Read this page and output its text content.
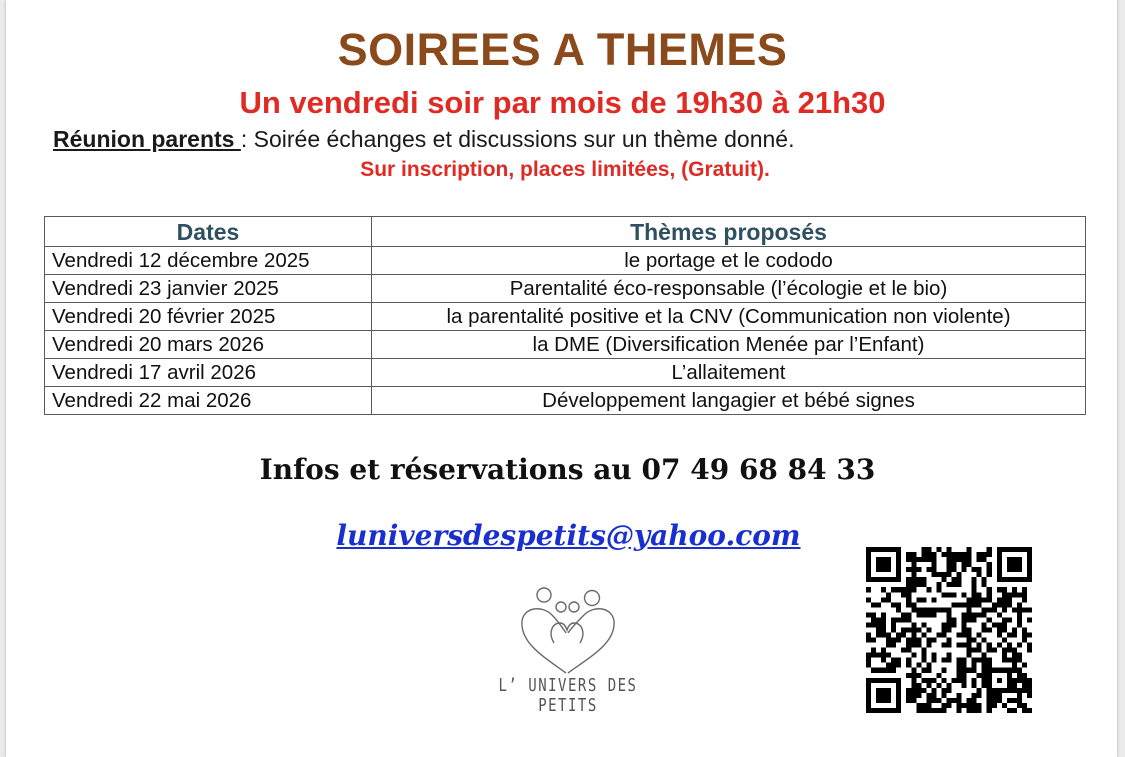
SOIREES A THEMES
Un vendredi soir par mois de 19h30 à 21h30
Réunion parents : Soirée échanges et discussions sur un thème donné.
Sur inscription, places limitées, (Gratuit).
Dates	Thèmes proposés
Vendredi 12 décembre 2025	le portage et le cododo
Vendredi 23 janvier 2025	Parentalité éco-responsable (l’écologie et le bio)
Vendredi 20 février 2025	la parentalité positive et la CNV (Communication non violente)
Vendredi 20 mars 2026	la DME (Diversification Menée par l’Enfant)
Vendredi 17 avril 2026	L’allaitement
Vendredi 22 mai 2026	Développement langagier et bébé signes
Infos et réservations au 07 49 68 84 33
luniversdespetits@yahoo.com
L’ UNIVERS DES PETITS
